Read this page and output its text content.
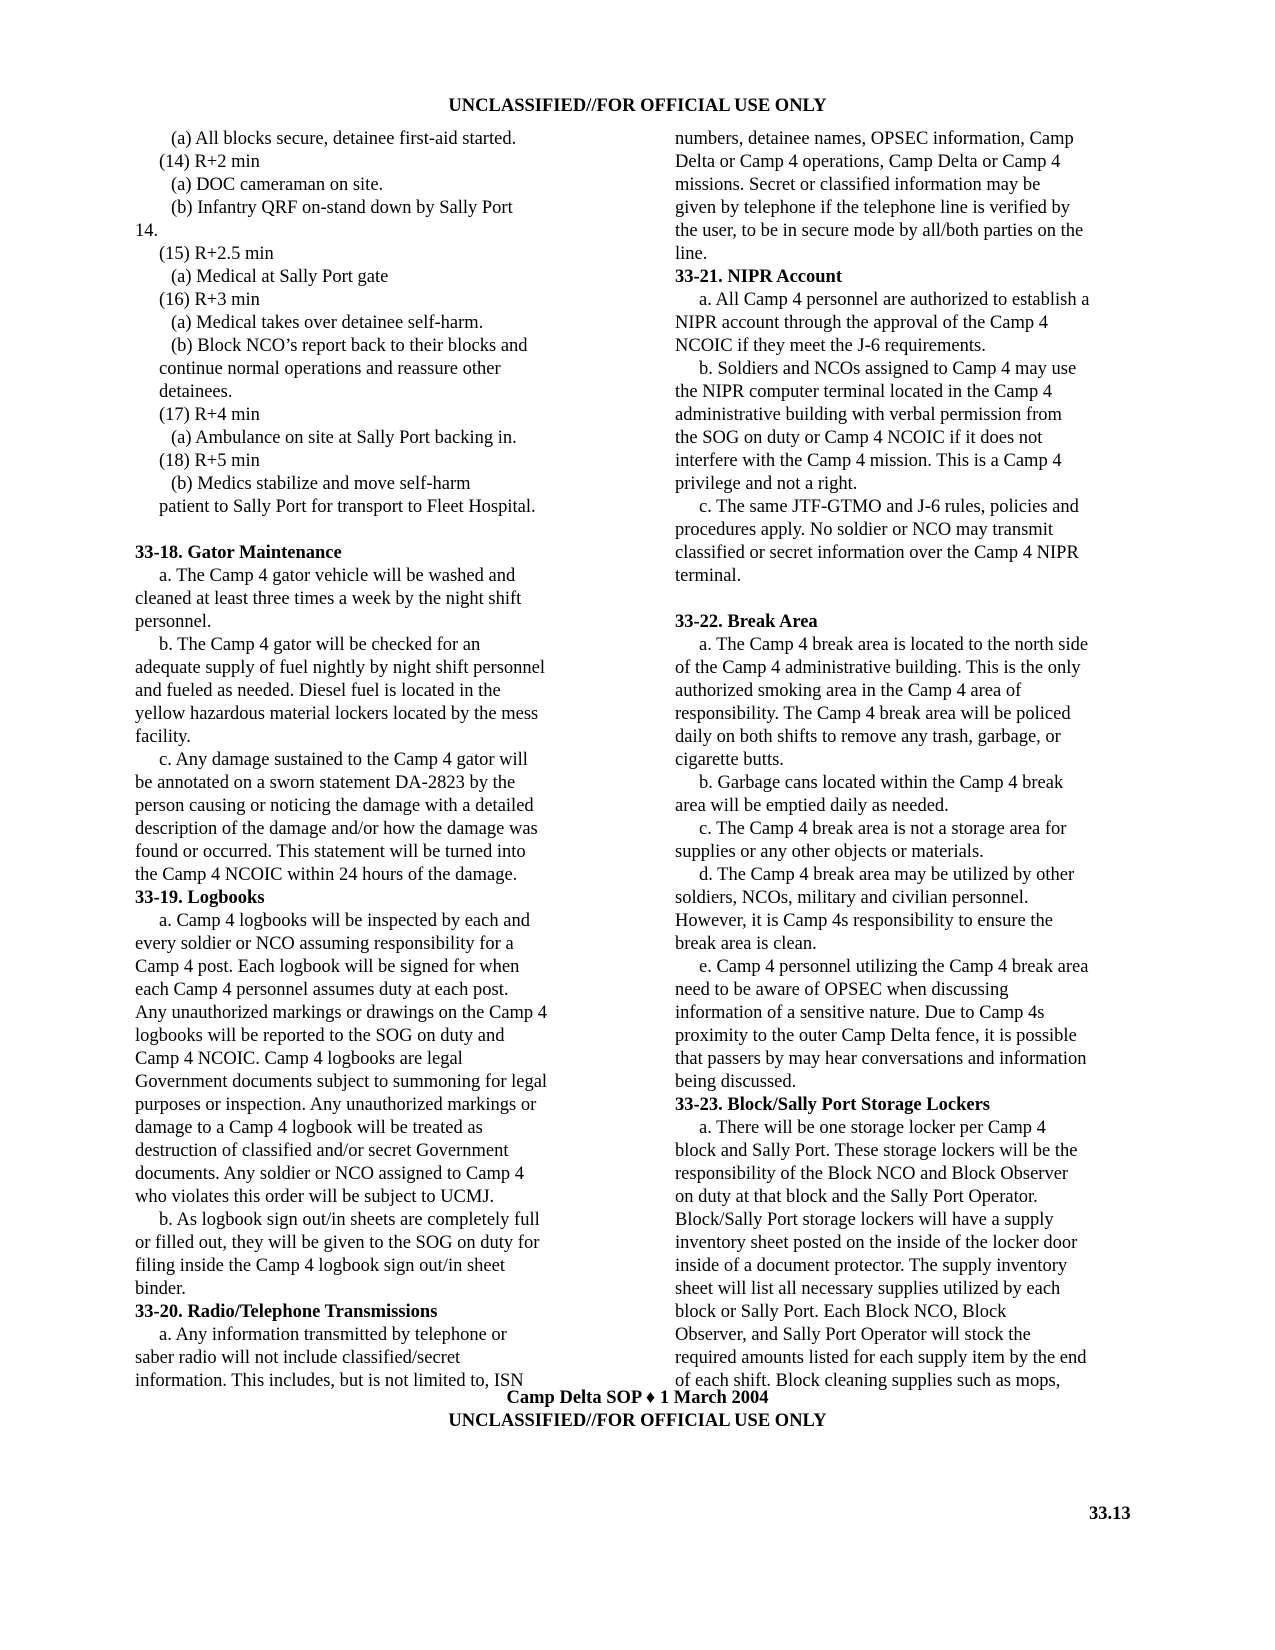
UNCLASSIFIED//FOR OFFICIAL USE ONLY
(a) All blocks secure, detainee first-aid started.
(14) R+2 min
(a) DOC cameraman on site.
(b) Infantry QRF on-stand down by Sally Port
14.
(15) R+2.5 min
(a) Medical at Sally Port gate
(16) R+3 min
(a) Medical takes over detainee self-harm.
(b) Block NCO’s report back to their blocks and
continue normal operations and reassure other
detainees.
(17) R+4 min
(a) Ambulance on site at Sally Port backing in.
(18) R+5 min
(b) Medics stabilize and move self-harm
patient to Sally Port for transport to Fleet Hospital.
33-18. Gator Maintenance
a. The Camp 4 gator vehicle will be washed and
cleaned at least three times a week by the night shift
personnel.
b. The Camp 4 gator will be checked for an
adequate supply of fuel nightly by night shift personnel
and fueled as needed. Diesel fuel is located in the
yellow hazardous material lockers located by the mess
facility.
c. Any damage sustained to the Camp 4 gator will
be annotated on a sworn statement DA-2823 by the
person causing or noticing the damage with a detailed
description of the damage and/or how the damage was
found or occurred. This statement will be turned into
the Camp 4 NCOIC within 24 hours of the damage.
33-19. Logbooks
a. Camp 4 logbooks will be inspected by each and
every soldier or NCO assuming responsibility for a
Camp 4 post. Each logbook will be signed for when
each Camp 4 personnel assumes duty at each post.
Any unauthorized markings or drawings on the Camp 4
logbooks will be reported to the SOG on duty and
Camp 4 NCOIC. Camp 4 logbooks are legal
Government documents subject to summoning for legal
purposes or inspection. Any unauthorized markings or
damage to a Camp 4 logbook will be treated as
destruction of classified and/or secret Government
documents. Any soldier or NCO assigned to Camp 4
who violates this order will be subject to UCMJ.
b. As logbook sign out/in sheets are completely full
or filled out, they will be given to the SOG on duty for
filing inside the Camp 4 logbook sign out/in sheet
binder.
33-20. Radio/Telephone Transmissions
a. Any information transmitted by telephone or
saber radio will not include classified/secret
information. This includes, but is not limited to, ISN
numbers, detainee names, OPSEC information, Camp
Delta or Camp 4 operations, Camp Delta or Camp 4
missions. Secret or classified information may be
given by telephone if the telephone line is verified by
the user, to be in secure mode by all/both parties on the
line.
33-21. NIPR Account
a. All Camp 4 personnel are authorized to establish a
NIPR account through the approval of the Camp 4
NCOIC if they meet the J-6 requirements.
b. Soldiers and NCOs assigned to Camp 4 may use
the NIPR computer terminal located in the Camp 4
administrative building with verbal permission from
the SOG on duty or Camp 4 NCOIC if it does not
interfere with the Camp 4 mission. This is a Camp 4
privilege and not a right.
c. The same JTF-GTMO and J-6 rules, policies and
procedures apply. No soldier or NCO may transmit
classified or secret information over the Camp 4 NIPR
terminal.
33-22. Break Area
a. The Camp 4 break area is located to the north side
of the Camp 4 administrative building. This is the only
authorized smoking area in the Camp 4 area of
responsibility. The Camp 4 break area will be policed
daily on both shifts to remove any trash, garbage, or
cigarette butts.
b. Garbage cans located within the Camp 4 break
area will be emptied daily as needed.
c. The Camp 4 break area is not a storage area for
supplies or any other objects or materials.
d. The Camp 4 break area may be utilized by other
soldiers, NCOs, military and civilian personnel.
However, it is Camp 4s responsibility to ensure the
break area is clean.
e. Camp 4 personnel utilizing the Camp 4 break area
need to be aware of OPSEC when discussing
information of a sensitive nature. Due to Camp 4s
proximity to the outer Camp Delta fence, it is possible
that passers by may hear conversations and information
being discussed.
33-23. Block/Sally Port Storage Lockers
a. There will be one storage locker per Camp 4
block and Sally Port. These storage lockers will be the
responsibility of the Block NCO and Block Observer
on duty at that block and the Sally Port Operator.
Block/Sally Port storage lockers will have a supply
inventory sheet posted on the inside of the locker door
inside of a document protector. The supply inventory
sheet will list all necessary supplies utilized by each
block or Sally Port. Each Block NCO, Block
Observer, and Sally Port Operator will stock the
required amounts listed for each supply item by the end
of each shift. Block cleaning supplies such as mops,
Camp Delta SOP ♦ 1 March 2004
UNCLASSIFIED//FOR OFFICIAL USE ONLY
33.13
